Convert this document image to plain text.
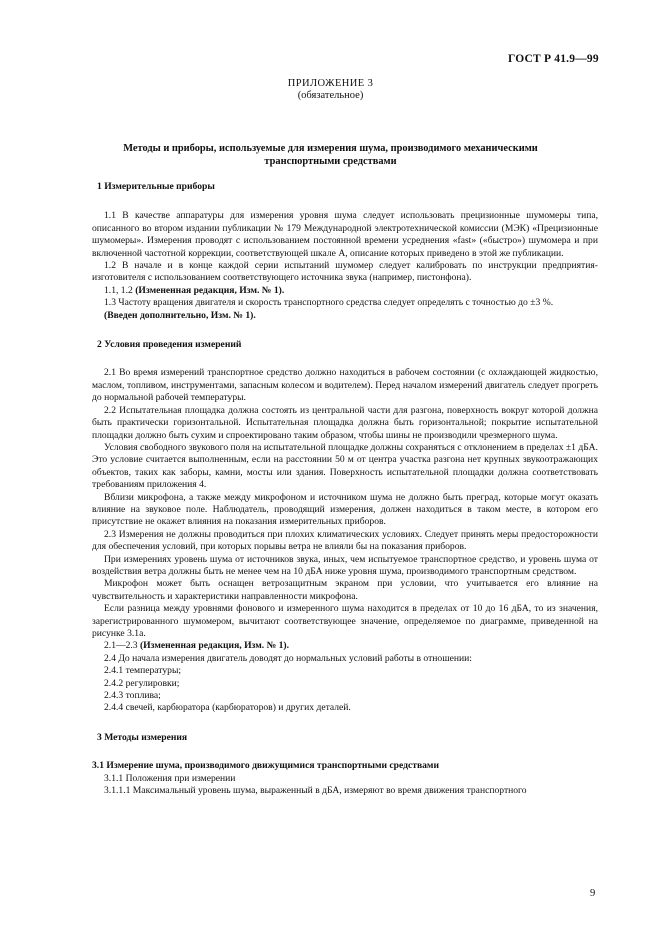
ГОСТ Р 41.9—99
ПРИЛОЖЕНИЕ 3
(обязательное)
Методы и приборы, используемые для измерения шума, производимого механическими транспортными средствами

1 Измерительные приборы

1.1 В качестве аппаратуры для измерения уровня шума следует использовать прецизионные шумомеры типа, описанного во втором издании публикации № 179 Международной электротехнической комиссии (МЭК) «Прецизионные шумомеры». Измерения проводят с использованием постоянной времени усреднения «fast» («быстро») шумомера и при включенной частотной коррекции, соответствующей шкале А, описание которых приведено в этой же публикации.

1.2 В начале и в конце каждой серии испытаний шумомер следует калибровать по инструкции предприятия-изготовителя с использованием соответствующего источника звука (например, пистонфона).

1.1, 1.2 (Измененная редакция, Изм. № 1).

1.3 Частоту вращения двигателя и скорость транспортного средства следует определять с точностью до ±3 %.

(Введен дополнительно, Изм. № 1).

2 Условия проведения измерений

2.1 Во время измерений транспортное средство должно находиться в рабочем состоянии (с охлаждающей жидкостью, маслом, топливом, инструментами, запасным колесом и водителем). Перед началом измерений двигатель следует прогреть до нормальной рабочей температуры.

2.2 Испытательная площадка должна состоять из центральной части для разгона, поверхность вокруг которой должна быть практически горизонтальной. Испытательная площадка должна быть горизонтальной; покрытие испытательной площадки должно быть сухим и спроектировано таким образом, чтобы шины не производили чрезмерного шума.

Условия свободного звукового поля на испытательной площадке должны сохраняться с отклонением в пределах ±1 дБА. Это условие считается выполненным, если на расстоянии 50 м от центра участка разгона нет крупных звукоотражающих объектов, таких как заборы, камни, мосты или здания. Поверхность испытательной площадки должна соответствовать требованиям приложения 4.

Вблизи микрофона, а также между микрофоном и источником шума не должно быть преград, которые могут оказать влияние на звуковое поле. Наблюдатель, проводящий измерения, должен находиться в таком месте, в котором его присутствие не окажет влияния на показания измерительных приборов.

2.3 Измерения не должны проводиться при плохих климатических условиях. Следует принять меры предосторожности для обеспечения условий, при которых порывы ветра не влияли бы на показания приборов.

При измерениях уровень шума от источников звука, иных, чем испытуемое транспортное средство, и уровень шума от воздействия ветра должны быть не менее чем на 10 дБА ниже уровня шума, производимого транспортным средством.

Микрофон может быть оснащен ветрозащитным экраном при условии, что учитывается его влияние на чувствительность и характеристики направленности микрофона.

Если разница между уровнями фонового и измеренного шума находится в пределах от 10 до 16 дБА, то из значения, зарегистрированного шумомером, вычитают соответствующее значение, определяемое по диаграмме, приведенной на рисунке 3.1а.

2.1—2.3 (Измененная редакция, Изм. № 1).

2.4 До начала измерения двигатель доводят до нормальных условий работы в отношении:

2.4.1 температуры;

2.4.2 регулировки;

2.4.3 топлива;

2.4.4 свечей, карбюратора (карбюраторов) и других деталей.

3 Методы измерения

3.1 Измерение шума, производимого движущимися транспортными средствами

3.1.1 Положения при измерении

3.1.1.1 Максимальный уровень шума, выраженный в дБА, измеряют во время движения транспортного

9
